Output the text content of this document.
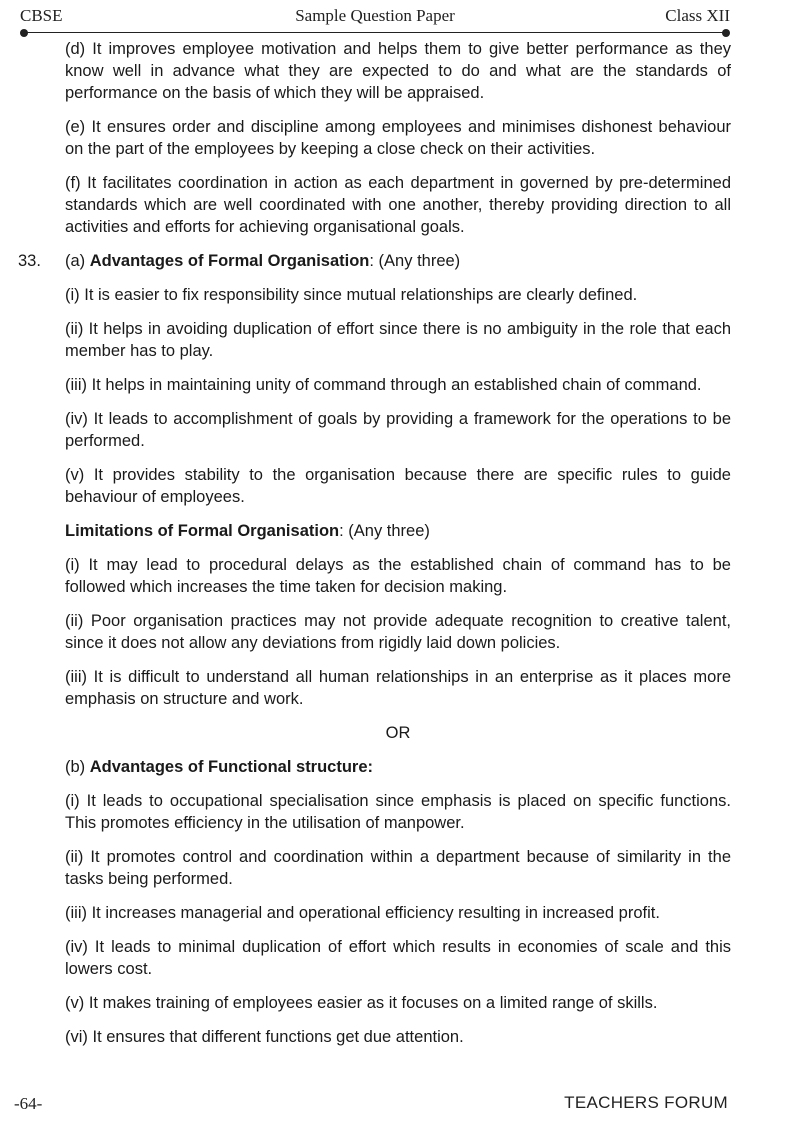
CBSE	Sample Question Paper	Class XII

(d) It improves employee motivation and helps them to give better performance as they know well in advance what they are expected to do and what are the standards of performance on the basis of which they will be appraised.

(e) It ensures order and discipline among employees and minimises dishonest behaviour on the part of the employees by keeping a close check on their activities.

(f) It facilitates coordination in action as each department in governed by pre-determined standards which are well coordinated with one another, thereby providing direction to all activities and efforts for achieving organisational goals.

33. (a) Advantages of Formal Organisation: (Any three)

(i) It is easier to fix responsibility since mutual relationships are clearly defined.

(ii) It helps in avoiding duplication of effort since there is no ambiguity in the role that each member has to play.

(iii) It helps in maintaining unity of command through an established chain of command.

(iv) It leads to accomplishment of goals by providing a framework for the operations to be performed.

(v) It provides stability to the organisation because there are specific rules to guide behaviour of employees.

Limitations of Formal Organisation: (Any three)

(i) It may lead to procedural delays as the established chain of command has to be followed which increases the time taken for decision making.

(ii) Poor organisation practices may not provide adequate recognition to creative talent, since it does not allow any deviations from rigidly laid down policies.

(iii) It is difficult to understand all human relationships in an enterprise as it places more emphasis on structure and work.

OR

(b) Advantages of Functional structure:

(i) It leads to occupational specialisation since emphasis is placed on specific functions. This promotes efficiency in the utilisation of manpower.

(ii) It promotes control and coordination within a department because of similarity in the tasks being performed.

(iii) It increases managerial and operational efficiency resulting in increased profit.

(iv) It leads to minimal duplication of effort which results in economies of scale and this lowers cost.

(v) It makes training of employees easier as it focuses on a limited range of skills.

(vi) It ensures that different functions get due attention.

-64-	TEACHERS FORUM
